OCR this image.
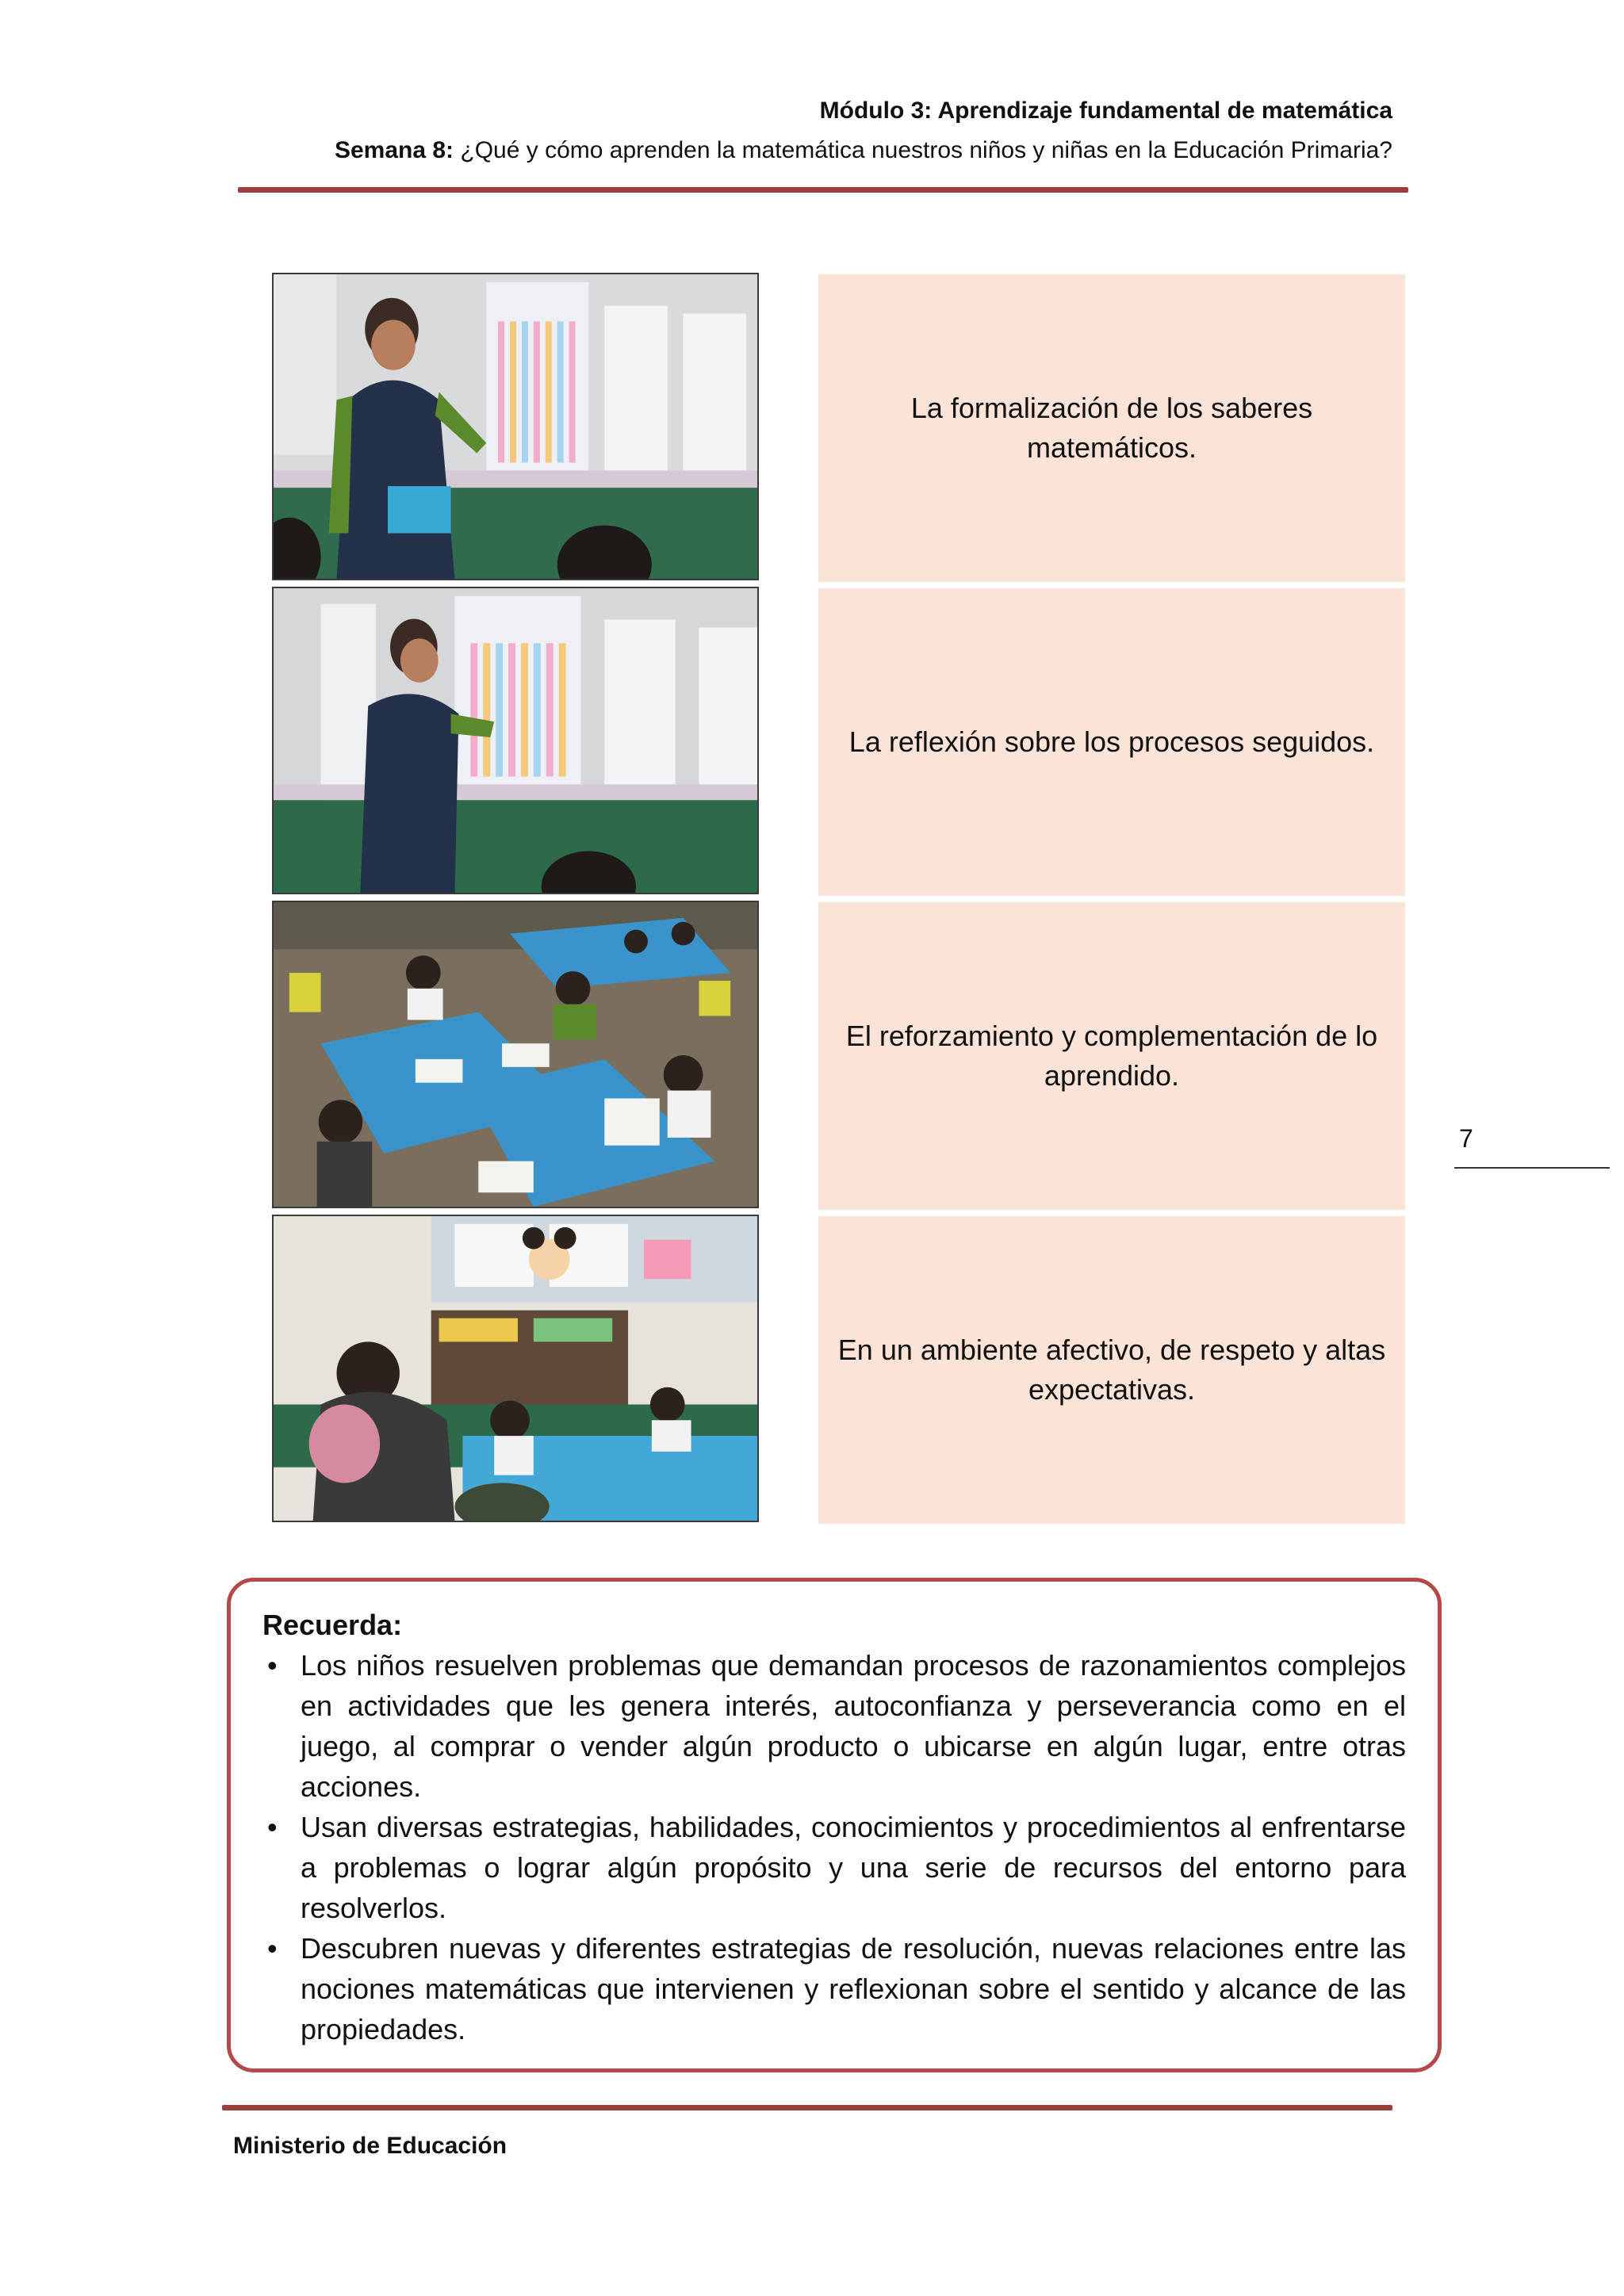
Módulo 3: Aprendizaje fundamental de matemática
Semana 8: ¿Qué y cómo aprenden la matemática nuestros niños y niñas en la Educación Primaria?
La formalización de los saberes matemáticos.
La reflexión sobre los procesos seguidos.
El reforzamiento y complementación de lo aprendido.
En un ambiente afectivo, de respeto y altas expectativas.
7
Recuerda:
• Los niños resuelven problemas que demandan procesos de razonamientos complejos en actividades que les genera interés, autoconfianza y perseverancia como en el juego, al comprar o vender algún producto o ubicarse en algún lugar, entre otras acciones.
• Usan diversas estrategias, habilidades, conocimientos y procedimientos al enfrentarse a problemas o lograr algún propósito y una serie de recursos del entorno para resolverlos.
• Descubren nuevas y diferentes estrategias de resolución, nuevas relaciones entre las nociones matemáticas que intervienen y reflexionan sobre el sentido y alcance de las propiedades.
Ministerio de Educación
